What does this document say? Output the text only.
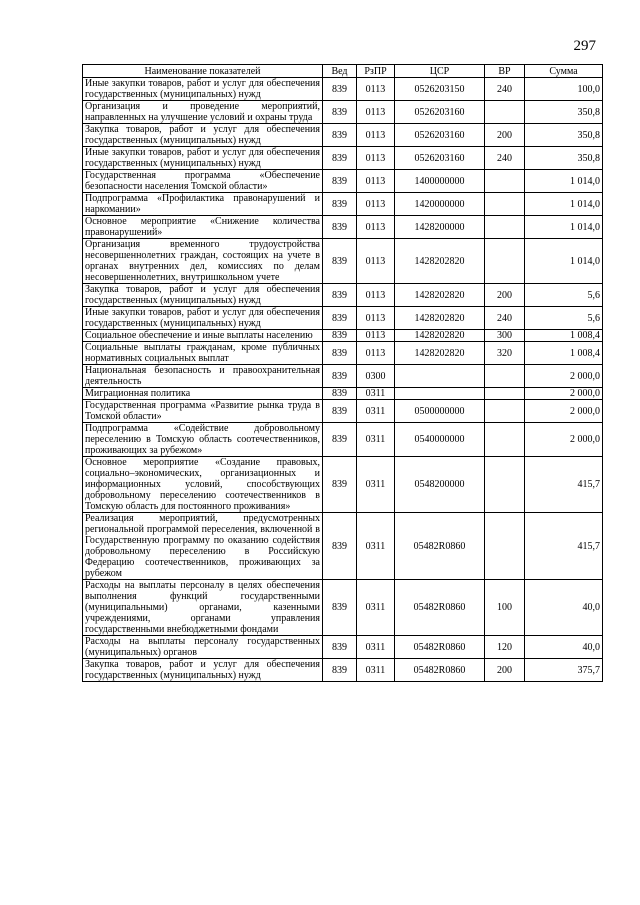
297
Наименование показателей	Вед	РзПР	ЦСР	ВР	Сумма
Иные закупки товаров, работ и услуг для обеспечения государственных (муниципальных) нужд	839	0113	0526203150	240	100,0
Организация и проведение мероприятий, направленных на улучшение условий и охраны труда	839	0113	0526203160		350,8
Закупка товаров, работ и услуг для обеспечения государственных (муниципальных) нужд	839	0113	0526203160	200	350,8
Иные закупки товаров, работ и услуг для обеспечения государственных (муниципальных) нужд	839	0113	0526203160	240	350,8
Государственная программа «Обеспечение безопасности населения Томской области»	839	0113	1400000000		1 014,0
Подпрограмма «Профилактика правонарушений и наркомании»	839	0113	1420000000		1 014,0
Основное мероприятие «Снижение количества правонарушений»	839	0113	1428200000		1 014,0
Организация временного трудоустройства несовершеннолетних граждан, состоящих на учете в органах внутренних дел, комиссиях по делам несовершеннолетних, внутришкольном учете	839	0113	1428202820		1 014,0
Закупка товаров, работ и услуг для обеспечения государственных (муниципальных) нужд	839	0113	1428202820	200	5,6
Иные закупки товаров, работ и услуг для обеспечения государственных (муниципальных) нужд	839	0113	1428202820	240	5,6
Социальное обеспечение и иные выплаты населению	839	0113	1428202820	300	1 008,4
Социальные выплаты гражданам, кроме публичных нормативных социальных выплат	839	0113	1428202820	320	1 008,4
Национальная безопасность и правоохранительная деятельность	839	0300			2 000,0
Миграционная политика	839	0311			2 000,0
Государственная программа «Развитие рынка труда в Томской области»	839	0311	0500000000		2 000,0
Подпрограмма «Содействие добровольному переселению в Томскую область соотечественников, проживающих за рубежом»	839	0311	0540000000		2 000,0
Основное мероприятие «Создание правовых, социально–экономических, организационных и информационных условий, способствующих добровольному переселению соотечественников в Томскую область для постоянного проживания»	839	0311	0548200000		415,7
Реализация мероприятий, предусмотренных региональной программой переселения, включенной в Государственную программу по оказанию содействия добровольному переселению в Российскую Федерацию соотечественников, проживающих за рубежом	839	0311	05482R0860		415,7
Расходы на выплаты персоналу в целях обеспечения выполнения функций государственными (муниципальными) органами, казенными учреждениями, органами управления государственными внебюджетными фондами	839	0311	05482R0860	100	40,0
Расходы на выплаты персоналу государственных (муниципальных) органов	839	0311	05482R0860	120	40,0
Закупка товаров, работ и услуг для обеспечения государственных (муниципальных) нужд	839	0311	05482R0860	200	375,7
